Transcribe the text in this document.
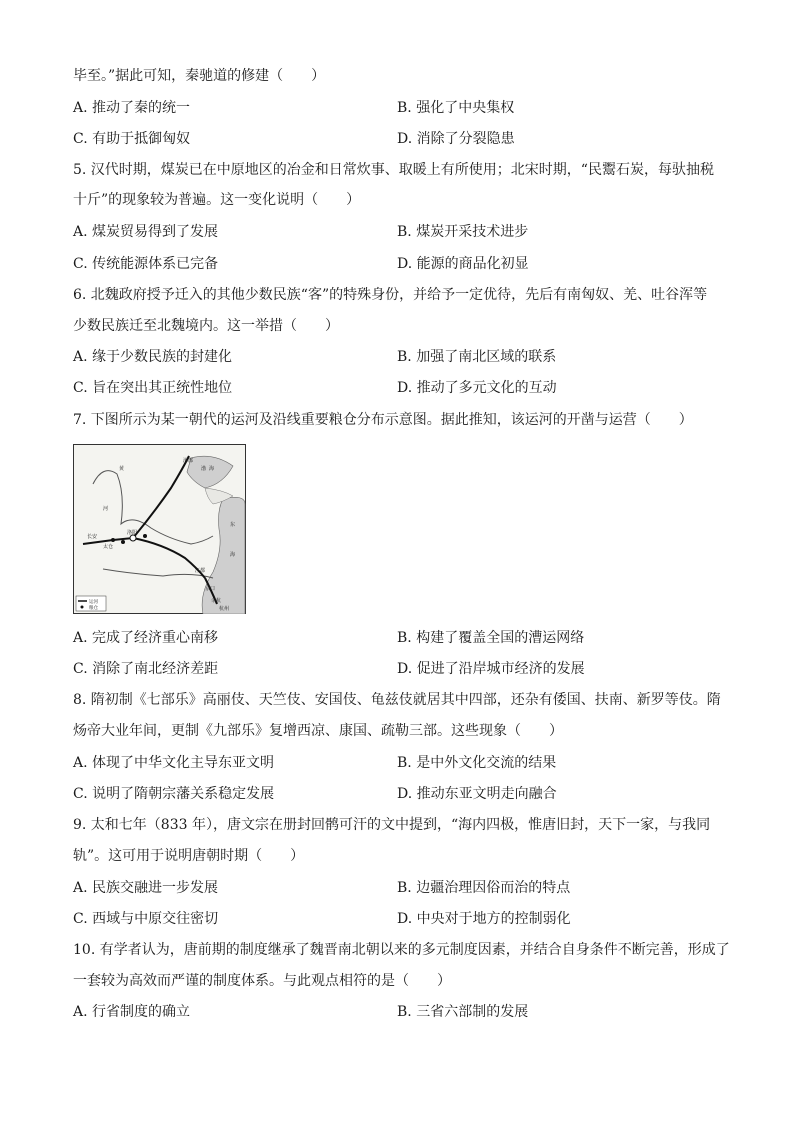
毕至。”据此可知，秦驰道的修建（　　）
A. 推动了秦的统一	B. 强化了中央集权
C. 有助于抵御匈奴	D. 消除了分裂隐患
5. 汉代时期，煤炭已在中原地区的冶金和日常炊事、取暖上有所使用；北宋时期，“民鬻石炭，每驮抽税
十斤”的现象较为普遍。这一变化说明（　　）
A. 煤炭贸易得到了发展	B. 煤炭开采技术进步
C. 传统能源体系已完备	D. 能源的商品化初显
6. 北魏政府授予迁入的其他少数民族“客”的特殊身份，并给予一定优待，先后有南匈奴、羌、吐谷浑等
少数民族迁至北魏境内。这一举措（　　）
A. 缘于少数民族的封建化	B. 加强了南北区域的联系
C. 旨在突出其正统性地位	D. 推动了多元文化的互动
7. 下图所示为某一朝代的运河及沿线重要粮仓分布示意图。据此推知，该运河的开凿与运营（　　）
渤 海
东
海
黄
河
洛阳
长安
涿郡
江都
京口
余杭
杭州
太仓
运河
粮仓
A. 完成了经济重心南移	B. 构建了覆盖全国的漕运网络
C. 消除了南北经济差距	D. 促进了沿岸城市经济的发展
8. 隋初制《七部乐》高丽伎、天竺伎、安国伎、龟兹伎就居其中四部，还杂有倭国、扶南、新罗等伎。隋
炀帝大业年间，更制《九部乐》复增西凉、康国、疏勒三部。这些现象（　　）
A. 体现了中华文化主导东亚文明	B. 是中外文化交流的结果
C. 说明了隋朝宗藩关系稳定发展	D. 推动东亚文明走向融合
9. 太和七年（833 年），唐文宗在册封回鹘可汗的文中提到，“海内四极，惟唐旧封，天下一家，与我同
轨”。这可用于说明唐朝时期（　　）
A. 民族交融进一步发展	B. 边疆治理因俗而治的特点
C. 西域与中原交往密切	D. 中央对于地方的控制弱化
10. 有学者认为，唐前期的制度继承了魏晋南北朝以来的多元制度因素，并结合自身条件不断完善，形成了
一套较为高效而严谨的制度体系。与此观点相符的是（　　）
A. 行省制度的确立	B. 三省六部制的发展
